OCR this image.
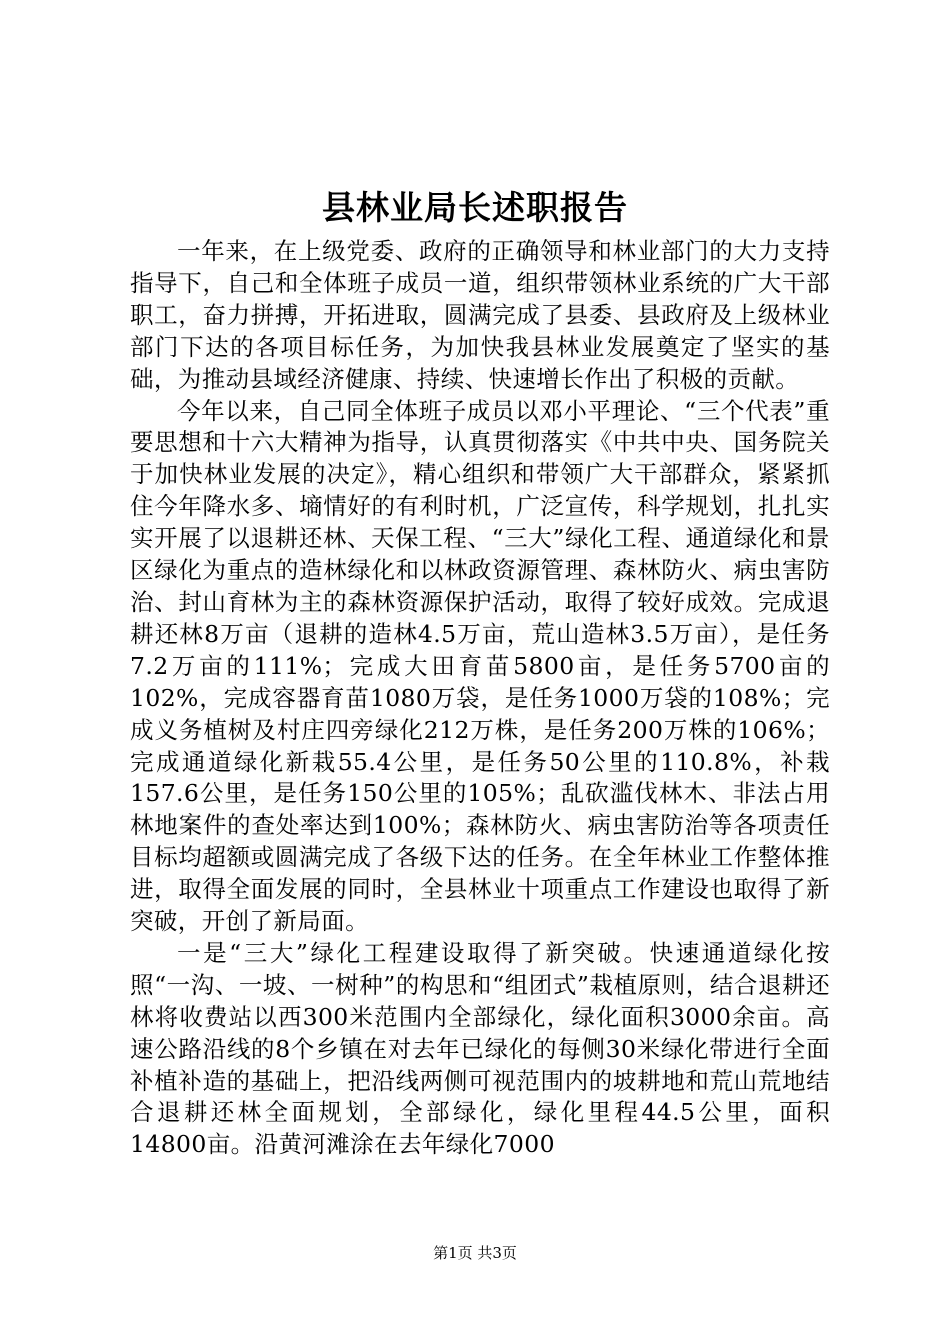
县林业局长述职报告

一年来，在上级党委、政府的正确领导和林业部门的大力支持指导下，自己和全体班子成员一道，组织带领林业系统的广大干部职工，奋力拼搏，开拓进取，圆满完成了县委、县政府及上级林业部门下达的各项目标任务，为加快我县林业发展奠定了坚实的基础，为推动县域经济健康、持续、快速增长作出了积极的贡献。

今年以来，自己同全体班子成员以邓小平理论、“三个代表”重要思想和十六大精神为指导，认真贯彻落实《中共中央、国务院关于加快林业发展的决定》，精心组织和带领广大干部群众，紧紧抓住今年降水多、墒情好的有利时机，广泛宣传，科学规划，扎扎实实开展了以退耕还林、天保工程、“三大”绿化工程、通道绿化和景区绿化为重点的造林绿化和以林政资源管理、森林防火、病虫害防治、封山育林为主的森林资源保护活动，取得了较好成效。完成退耕还林8万亩（退耕的造林4.5万亩，荒山造林3.5万亩），是任务7.2万亩的111%；完成大田育苗5800亩，是任务5700亩的102%，完成容器育苗1080万袋，是任务1000万袋的108%；完成义务植树及村庄四旁绿化212万株，是任务200万株的106%；完成通道绿化新栽55.4公里，是任务50公里的110.8%，补栽157.6公里，是任务150公里的105%；乱砍滥伐林木、非法占用林地案件的查处率达到100%；森林防火、病虫害防治等各项责任目标均超额或圆满完成了各级下达的任务。在全年林业工作整体推进，取得全面发展的同时，全县林业十项重点工作建设也取得了新突破，开创了新局面。

一是“三大”绿化工程建设取得了新突破。快速通道绿化按照“一沟、一坡、一树种”的构思和“组团式”栽植原则，结合退耕还林将收费站以西300米范围内全部绿化，绿化面积3000余亩。高速公路沿线的8个乡镇在对去年已绿化的每侧30米绿化带进行全面补植补造的基础上，把沿线两侧可视范围内的坡耕地和荒山荒地结合退耕还林全面规划，全部绿化，绿化里程44.5公里，面积14800亩。沿黄河滩涂在去年绿化7000

第1页 共3页
